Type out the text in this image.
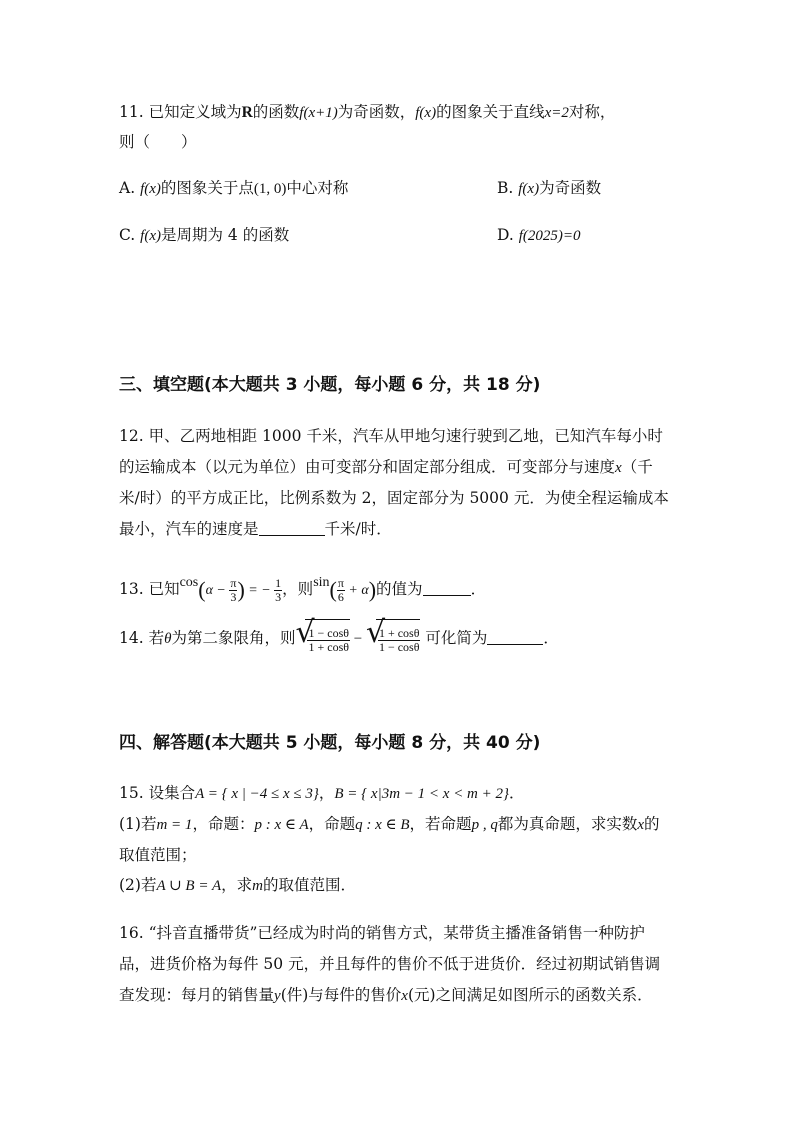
11. 已知定义域为R的函数f(x+1)为奇函数，f(x)的图象关于直线x=2对称，
则（　　）
A. f(x)的图象关于点(1, 0)中心对称	B. f(x)为奇函数
C. f(x)是周期为 4 的函数	D. f(2025)=0
三、填空题(本大题共 3 小题，每小题 6 分，共 18 分)
12. 甲、乙两地相距 1000 千米，汽车从甲地匀速行驶到乙地，已知汽车每小时
的运输成本（以元为单位）由可变部分和固定部分组成．可变部分与速度x（千
米/时）的平方成正比，比例系数为 2，固定部分为 5000 元．为使全程运输成本
最小，汽车的速度是	千米/时．
13. 已知$\cos(\alpha - \frac{\pi}{3}$ ) = − $\frac{1}{3}$ ，则$\sin( \frac{\pi}{6} + \alpha)$的值为	．
14. 若θ为第二象限角，则 √
$\frac{1 - \cos\theta}{1 + \cos\theta}$ − √
$\frac{1 + \cos\theta}{1 - \cos\theta}$ 可化简为	．
四、解答题(本大题共 5 小题，每小题 8 分，共 40 分)
15. 设集合A = { x | −4 ≤ x ≤ 3}，B = { x|3m − 1 < x < m + 2}．
(1)若m = 1，命题：p : x ∈ A，命题q : x ∈ B，若命题p , q都为真命题，求实数x的
取值范围；
(2)若A ∪ B = A，求m的取值范围．
16. “抖音直播带货”已经成为时尚的销售方式，某带货主播准备销售一种防护
品，进货价格为每件 50 元，并且每件的售价不低于进货价．经过初期试销售调
查发现：每月的销售量y(件)与每件的售价x(元)之间满足如图所示的函数关系．
